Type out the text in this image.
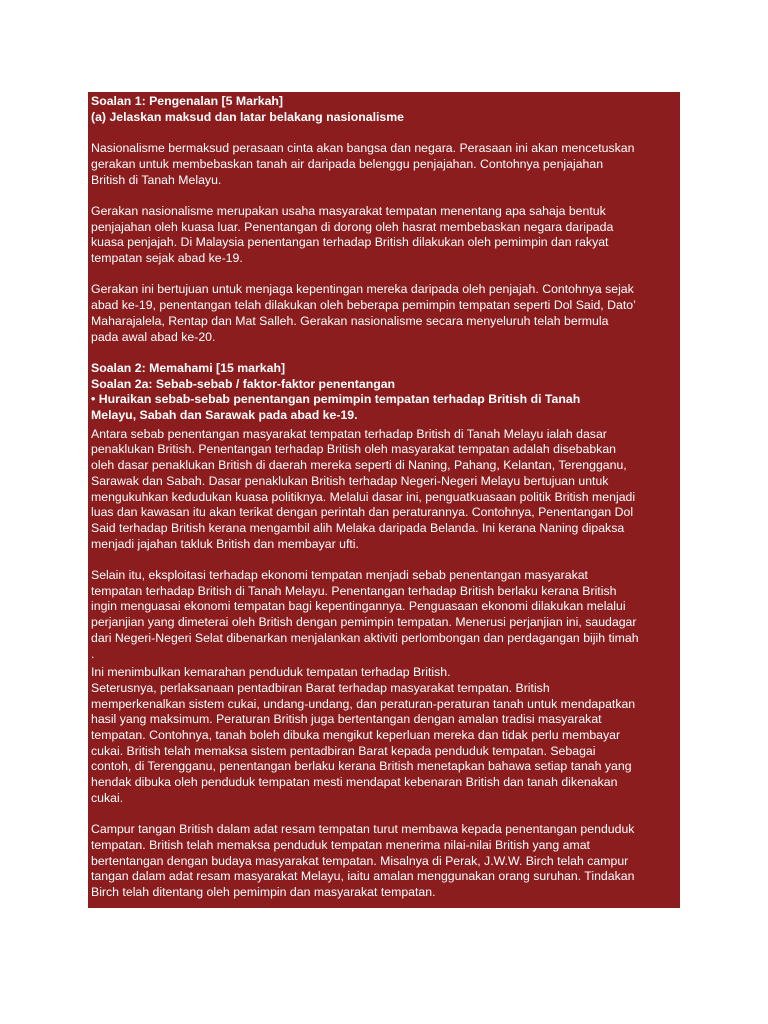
Soalan 1: Pengenalan [5 Markah]

(a) Jelaskan maksud dan latar belakang nasionalisme

Nasionalisme bermaksud perasaan cinta akan bangsa dan negara. Perasaan ini akan mencetuskan
gerakan untuk membebaskan tanah air daripada belenggu penjajahan. Contohnya penjajahan
British di Tanah Melayu.

Gerakan nasionalisme merupakan usaha masyarakat tempatan menentang apa sahaja bentuk
penjajahan oleh kuasa luar. Penentangan di dorong oleh hasrat membebaskan negara daripada
kuasa penjajah. Di Malaysia penentangan terhadap British dilakukan oleh pemimpin dan rakyat
tempatan sejak abad ke-19.

Gerakan ini bertujuan untuk menjaga kepentingan mereka daripada oleh penjajah. Contohnya sejak
abad ke-19, penentangan telah dilakukan oleh beberapa pemimpin tempatan seperti Dol Said, Dato’
Maharajalela, Rentap dan Mat Salleh. Gerakan nasionalisme secara menyeluruh telah bermula
pada awal abad ke-20.

Soalan 2: Memahami [15 markah]

Soalan 2a: Sebab-sebab / faktor-faktor penentangan

• Huraikan sebab-sebab penentangan pemimpin tempatan terhadap British di Tanah
Melayu, Sabah dan Sarawak pada abad ke-19.

Antara sebab penentangan masyarakat tempatan terhadap British di Tanah Melayu ialah dasar
penaklukan British. Penentangan terhadap British oleh masyarakat tempatan adalah disebabkan
oleh dasar penaklukan British di daerah mereka seperti di Naning, Pahang, Kelantan, Terengganu,
Sarawak dan Sabah. Dasar penaklukan British terhadap Negeri-Negeri Melayu bertujuan untuk
mengukuhkan kedudukan kuasa politiknya. Melalui dasar ini, penguatkuasaan politik British menjadi
luas dan kawasan itu akan terikat dengan perintah dan peraturannya. Contohnya, Penentangan Dol
Said terhadap British kerana mengambil alih Melaka daripada Belanda. Ini kerana Naning dipaksa
menjadi jajahan takluk British dan membayar ufti.

Selain itu, eksploitasi terhadap ekonomi tempatan menjadi sebab penentangan masyarakat
tempatan terhadap British di Tanah Melayu. Penentangan terhadap British berlaku kerana British
ingin menguasai ekonomi tempatan bagi kepentingannya. Penguasaan ekonomi dilakukan melalui
perjanjian yang dimeterai oleh British dengan pemimpin tempatan. Menerusi perjanjian ini, saudagar
dari Negeri-Negeri Selat dibenarkan menjalankan aktiviti perlombongan dan perdagangan bijih timah
.

Ini menimbulkan kemarahan penduduk tempatan terhadap British.
Seterusnya, perlaksanaan pentadbiran Barat terhadap masyarakat tempatan. British
memperkenalkan sistem cukai, undang-undang, dan peraturan-peraturan tanah untuk mendapatkan
hasil yang maksimum. Peraturan British juga bertentangan dengan amalan tradisi masyarakat
tempatan. Contohnya, tanah boleh dibuka mengikut keperluan mereka dan tidak perlu membayar
cukai. British telah memaksa sistem pentadbiran Barat kepada penduduk tempatan. Sebagai
contoh, di Terengganu, penentangan berlaku kerana British menetapkan bahawa setiap tanah yang
hendak dibuka oleh penduduk tempatan mesti mendapat kebenaran British dan tanah dikenakan
cukai.

Campur tangan British dalam adat resam tempatan turut membawa kepada penentangan penduduk
tempatan. British telah memaksa penduduk tempatan menerima nilai-nilai British yang amat
bertentangan dengan budaya masyarakat tempatan. Misalnya di Perak, J.W.W. Birch telah campur
tangan dalam adat resam masyarakat Melayu, iaitu amalan menggunakan orang suruhan. Tindakan
Birch telah ditentang oleh pemimpin dan masyarakat tempatan.
